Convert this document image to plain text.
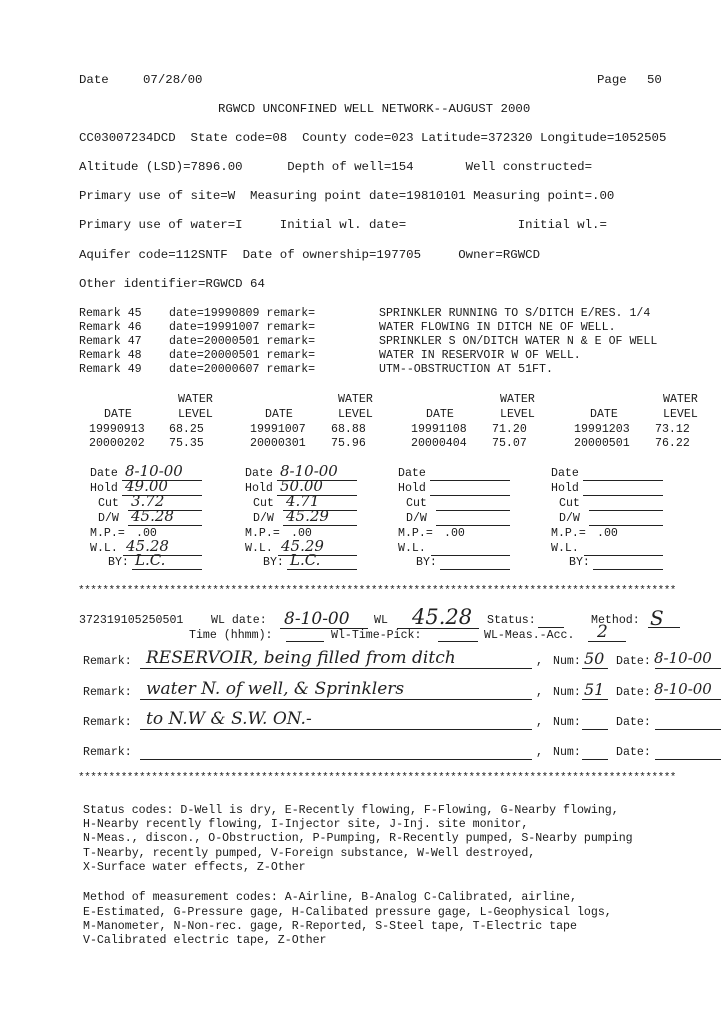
Date	07/28/00	Page 50
RGWCD UNCONFINED WELL NETWORK--AUGUST 2000
CC03007234DCD  State code=08  County code=023 Latitude=372320 Longitude=1052505
Altitude (LSD)=7896.00      Depth of well=154       Well constructed=
Primary use of site=W  Measuring point date=19810101 Measuring point=.00
Primary use of water=I     Initial wl. date=               Initial wl.=
Aquifer code=112SNTF  Date of ownership=197705     Owner=RGWCD
Other identifier=RGWCD 64
Remark 45 date=19990809 remark=	SPRINKLER RUNNING TO S/DITCH E/RES. 1/4
Remark 46 date=19991007 remark=	WATER FLOWING IN DITCH NE OF WELL.
Remark 47 date=20000501 remark=	SPRINKLER S ON/DITCH WATER N & E OF WELL
Remark 48 date=20000501 remark=	WATER IN RESERVOIR W OF WELL.
Remark 49 date=20000607 remark=	UTM--OBSTRUCTION AT 51FT.
WATER	WATER	WATER	WATER
DATE	LEVEL	DATE	LEVEL	DATE	LEVEL	DATE	LEVEL
19990913 68.25	19991007 68.88	19991108 71.20	19991203 73.12
20000202 75.35	20000301 75.96	20000404 75.07	20000501 76.22
Date 8-10-00
Hold 49.00
Cut 3.72
D/W 45.28
M.P.= .00
W.L. 45.28
BY: L.C.
Date 8-10-00
Hold 50.00
Cut 4.71
D/W 45.29
M.P.= .00
W.L. 45.29
BY: L.C.
Date
Hold
Cut
D/W
M.P.= .00
W.L.
BY:
Date
Hold
Cut
D/W
M.P.= .00
W.L.
BY:
**************************************************************************************************
372319105250501 WL date: 8-10-00 WL 45.28 Status:	Method: S
Time (hhmm):	Wl-Time-Pick:	WL-Meas.-Acc. 2
Remark: RESERVOIR, being filled from ditch	, Num: 50 Date: 8-10-00
Remark: water N. of well, & Sprinklers	, Num: 51 Date: 8-10-00
Remark: to N.W & S.W. ON.-	, Num:	Date:
Remark:	, Num:	Date:
**************************************************************************************************
Status codes: D-Well is dry, E-Recently flowing, F-Flowing, G-Nearby flowing,
H-Nearby recently flowing, I-Injector site, J-Inj. site monitor,
N-Meas., discon., O-Obstruction, P-Pumping, R-Recently pumped, S-Nearby pumping
T-Nearby, recently pumped, V-Foreign substance, W-Well destroyed,
X-Surface water effects, Z-Other
Method of measurement codes: A-Airline, B-Analog C-Calibrated, airline,
E-Estimated, G-Pressure gage, H-Calibated pressure gage, L-Geophysical logs,
M-Manometer, N-Non-rec. gage, R-Reported, S-Steel tape, T-Electric tape
V-Calibrated electric tape, Z-Other
